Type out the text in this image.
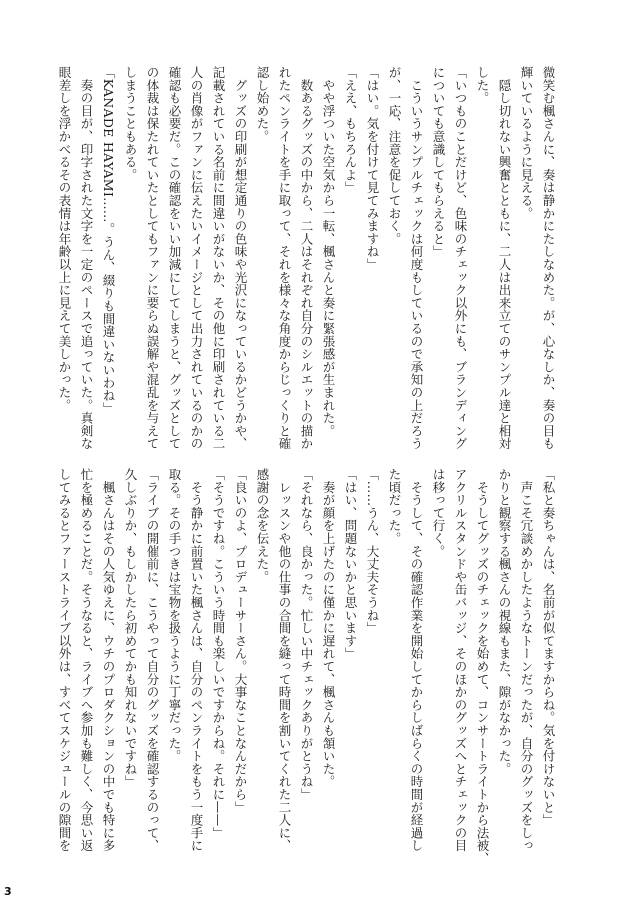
微笑む楓さんに、奏は静かにたしなめた。が、心なしか、奏の目も
輝いているように見える。
　隠し切れない興奮とともに、二人は出来立てのサンプル達と相対
した。
「いつものことだけど、色味のチェック以外にも、ブランディング
についても意識してもらえると」
　こういうサンプルチェックは何度もしているので承知の上だろう
が、一応、注意を促しておく。
「はい。気を付けて見てみますね」
「ええ、もちろんよ」
　やや浮ついた空気から一転、楓さんと奏に緊張感が生まれた。
　数あるグッズの中から、二人はそれぞれ自分のシルエットの描か
れたペンライトを手に取って、それを様々な角度からじっくりと確
認し始めた。
　グッズの印刷が想定通りの色味や光沢になっているかどうかや、
記載されている名前に間違いがないか、その他に印刷されている二
人の肖像がファンに伝えたいイメージとして出力されているのかの
確認も必要だ。この確認をいい加減にしてしまうと、グッズとして
の体裁は保たれていたとしてもファンに要らぬ誤解や混乱を与えて
しまうこともある。
「KANADE HAYAMI……。うん、綴りも間違いないわね」
　奏の目が、印字された文字を一定のペースで追っていた。真剣な
眼差しを浮かべるその表情は年齢以上に見えて美しかった。
「私と奏ちゃんは、名前が似てますからね。気を付けないと」
　声こそ冗談めかしたようなトーンだったが、自分のグッズをしっ
かりと観察する楓さんの視線もまた、隙がなかった。
　そうしてグッズのチェックを始めて、コンサートライトから法被、
アクリルスタンドや缶バッジ、そのほかのグッズへとチェックの目
は移って行く。
　そうして、その確認作業を開始してからしばらくの時間が経過し
た頃だった。
「……うん、大丈夫そうね」
「はい、問題ないかと思います」
　奏が顔を上げたのに僅かに遅れて、楓さんも頷いた。
「それなら、良かった。忙しい中チェックありがとうね」
　レッスンや他の仕事の合間を縫って時間を割いてくれた二人に、
感謝の念を伝えた。
「良いのよ、プロデューサーさん。大事なことなんだから」
「そうですね。こういう時間も楽しいですからね。それに——」
　そう静かに前置いた楓さんは、自分のペンライトをもう一度手に
取る。その手つきは宝物を扱うように丁寧だった。
「ライブの開催前に、こうやって自分のグッズを確認するのって、
久しぶりか、もしかしたら初めてかも知れないですね」
　楓さんはその人気ゆえに、ウチのプロダクションの中でも特に多
忙を極めることだ。そうなると、ライブへ参加も難しく、今思い返
してみるとファーストライブ以外は、すべてスケジュールの隙間を
3
